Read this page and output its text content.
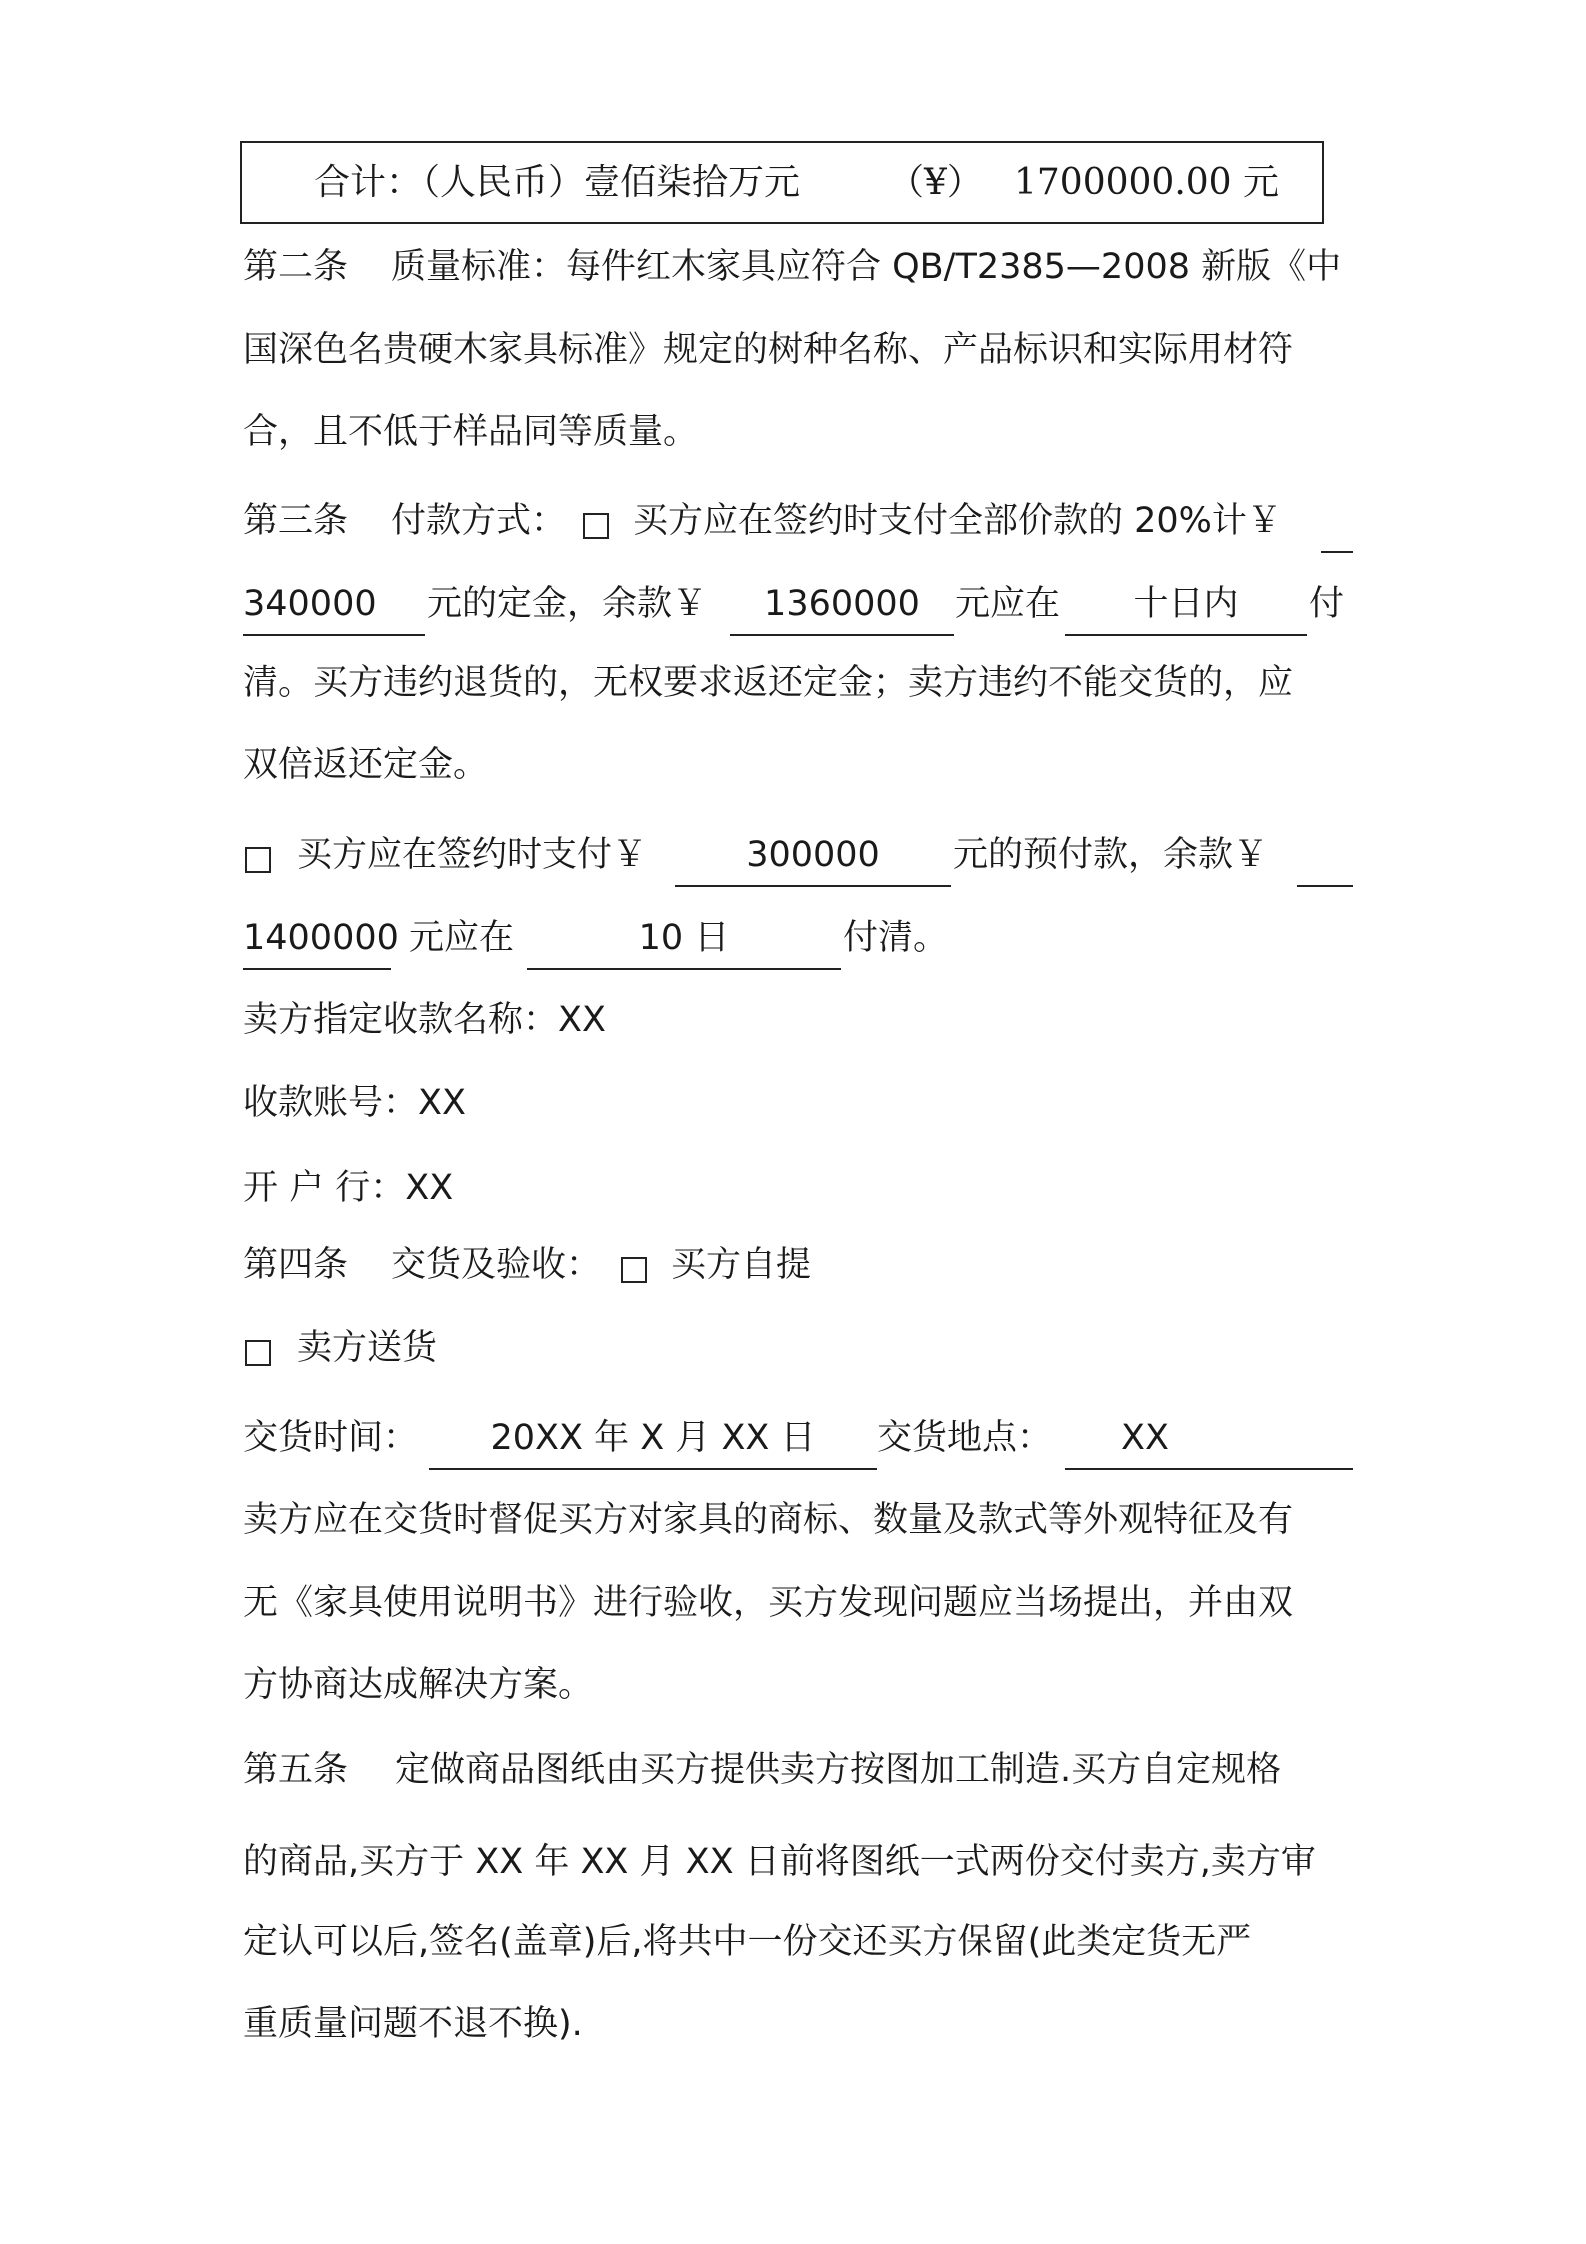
合计：（人民币）壹佰柒拾万元 （¥） 1700000.00 元
第二条 质量标准：每件红木家具应符合 QB/T2385—2008 新版《中
国深色名贵硬木家具标准》规定的树种名称、产品标识和实际用材符
合，且不低于样品同等质量。
第三条 付款方式： 买方应在签约时支付全部价款的 20%计￥
340000	元的定金，余款￥	1360000	元应在	十日内	付
清。买方违约退货的，无权要求返还定金；卖方违约不能交货的，应
双倍返还定金。
买方应在签约时支付￥	300000	元的预付款，余款￥
1400000 元应在	10 日	付清。
卖方指定收款名称：XX
收款账号：XX
开 户 行：XX
第四条 交货及验收： 买方自提
卖方送货
交货时间：	20XX 年 X 月 XX 日	交货地点：	XX
卖方应在交货时督促买方对家具的商标、数量及款式等外观特征及有
无《家具使用说明书》进行验收，买方发现问题应当场提出，并由双
方协商达成解决方案。
第五条 定做商品图纸由买方提供卖方按图加工制造.买方自定规格
的商品,买方于 XX 年 XX 月 XX 日前将图纸一式两份交付卖方,卖方审
定认可以后,签名(盖章)后,将共中一份交还买方保留(此类定货无严
重质量问题不退不换).
